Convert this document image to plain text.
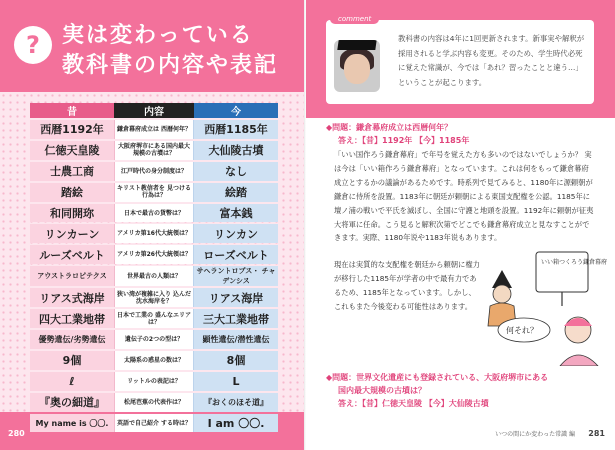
?	実は変わっている
教科書の内容や表記
昔	内容	今
西暦1192年	鎌倉幕府成立は 西暦何年？	西暦1185年
仁徳天皇陵	大阪府堺市にある国内最大 規模の古墳は？	大仙陵古墳
士農工商	江戸時代の身分制度は？	なし
踏絵	キリスト教信者を 見つける行為は？	絵踏
和同開珎	日本で最古の貨幣は？	富本銭
リンカーン	アメリカ第16代大統領は？	リンカン
ルーズベルト	アメリカ第26代大統領は？	ローズベルト
アウストラロピテクス	世界最古の人類は？	サヘラントロプス・ チャデンシス
リアス式海岸	狭い湾が複雑に入り 込んだ沈水海岸を？	リアス海岸
四大工業地帯	日本で工業の 盛んなエリアは？	三大工業地帯
優勢遺伝/劣勢遺伝	遺伝子の2つの型は？	顕性遺伝/潜性遺伝
9個	太陽系の惑星の数は？	8個
ℓ	リットルの表記は？	L
『奥の細道』	松尾芭蕉の代表作は？	『おくのほそ道』
My name is 〇〇.	英語で自己紹介 する時は？	I am 〇〇.
280
comment
教科書の内容は4年に1回更新されます。新事実や解釈が採用されると学ぶ内容も変更。そのため、学生時代必死に覚えた常識が、今では「あれ？習ったことと違う…」ということが起こります。
◆問題：鎌倉幕府成立は西暦何年？
答え：【昔】1192年 【今】1185年
「いい国作ろう鎌倉幕府」で年号を覚えた方も多いのではないでしょうか？ 実は今は「いい箱作ろう鎌倉幕府」となっています。これは何をもって鎌倉幕府成立とするかの議論があるためです。時系列で見てみると、1180年に源頼朝が鎌倉に侍所を設置。1183年に朝廷が頼朝による東国支配権を公認。1185年に壇ノ浦の戦いで平氏を滅ぼし、全国に守護と地頭を設置。1192年に頼朝が征夷大将軍に任命。こう見ると解釈次第でどこでも鎌倉幕府成立と見なすことができます。実際、1180年说や1183年说もあります。
現在は実質的な支配権を朝廷から頼朝に権力が移行した1185年が学者の中で最有力であるため、1185年となっています。しかし、これもまた今後変わる可能性はあります。
いい箱つくろう鎌倉幕府
何それ？
◆問題：世界文化遺産にも登録されている、大阪府堺市にある
国内最大規模の古墳は？
答え：【昔】仁徳天皇陵 【今】大仙陵古墳
いつの間にか変わった常識 編 281
